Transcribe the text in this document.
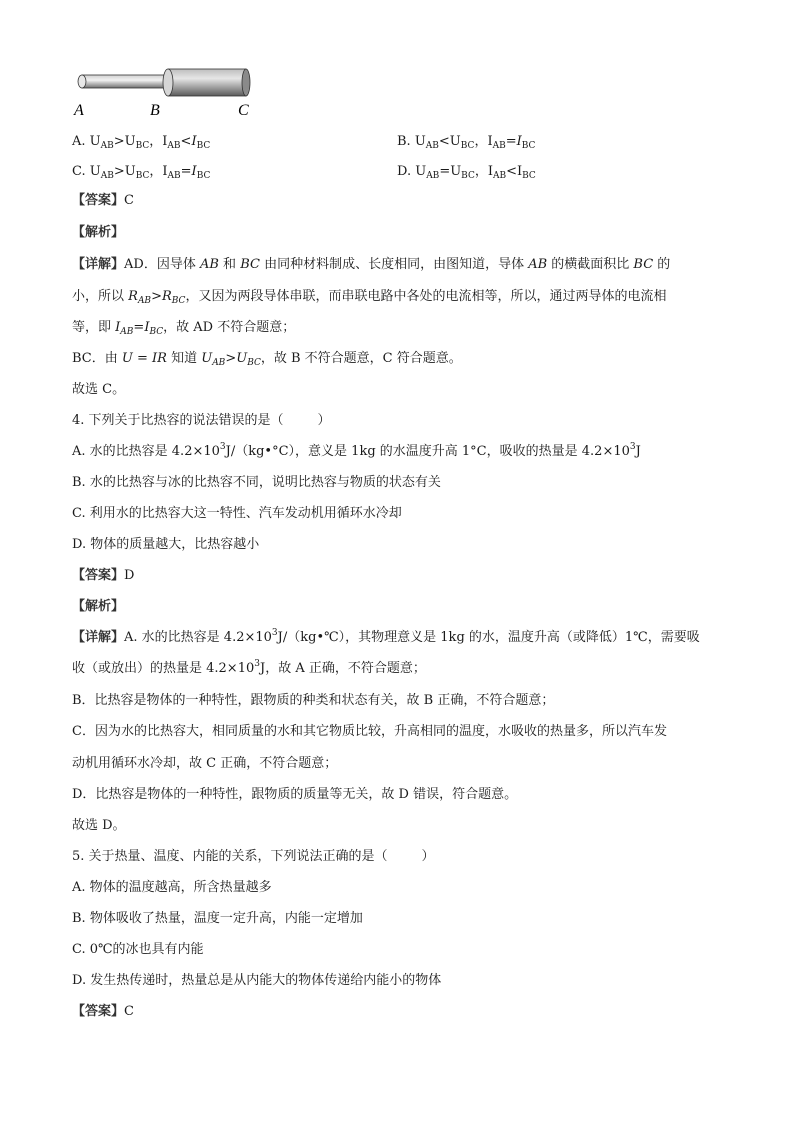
A	B	C
A. $U_{AB}>U_{BC}$，$I_{AB}<I_{BC}$	B. $U_{AB}<U_{BC}$，$I_{AB}=I_{BC}$
C. $U_{AB}>U_{BC}$，$I_{AB}=I_{BC}$	D. $U_{AB}=U_{BC}$，$I_{AB}<I_{BC}$
【答案】C
【解析】
【详解】AD．因导体 AB 和 BC 由同种材料制成、长度相同，由图知道，导体 AB 的横截面积比 BC 的
小，所以 $R_{AB}>R_{BC}$，又因为两段导体串联，而串联电路中各处的电流相等，所以，通过两导体的电流相
等，即 $I_{AB}=I_{BC}$，故 AD 不符合题意；
BC．由 U = IR 知道 $U_{AB}>U_{BC}$，故 B 不符合题意，C 符合题意。
故选 C。
4. 下列关于比热容的说法错误的是（	）
A. 水的比热容是 $4.2\times 10^3J/(kg•^\circ C)$，意义是 1kg 的水温度升高 1°C，吸收的热量是 $4.2\times 10^3J$
B. 水的比热容与冰的比热容不同，说明比热容与物质的状态有关
C. 利用水的比热容大这一特性、汽车发动机用循环水冷却
D. 物体的质量越大，比热容越小
【答案】D
【解析】
【详解】A. 水的比热容是 $4.2\times 10^3J/(kg•℃)$，其物理意义是 1kg 的水，温度升高（或降低）1℃，需要吸
收（或放出）的热量是 $4.2\times 10^3J$，故 A 正确，不符合题意；
B．比热容是物体的一种特性，跟物质的种类和状态有关，故 B 正确，不符合题意；
C．因为水的比热容大，相同质量的水和其它物质比较，升高相同的温度，水吸收的热量多，所以汽车发
动机用循环水冷却，故 C 正确，不符合题意；
D．比热容是物体的一种特性，跟物质的质量等无关，故 D 错误，符合题意。
故选 D。
5. 关于热量、温度、内能的关系，下列说法正确的是（	）
A. 物体的温度越高，所含热量越多
B. 物体吸收了热量，温度一定升高，内能一定增加
C. 0℃的冰也具有内能
D. 发生热传递时，热量总是从内能大的物体传递给内能小的物体
【答案】C
